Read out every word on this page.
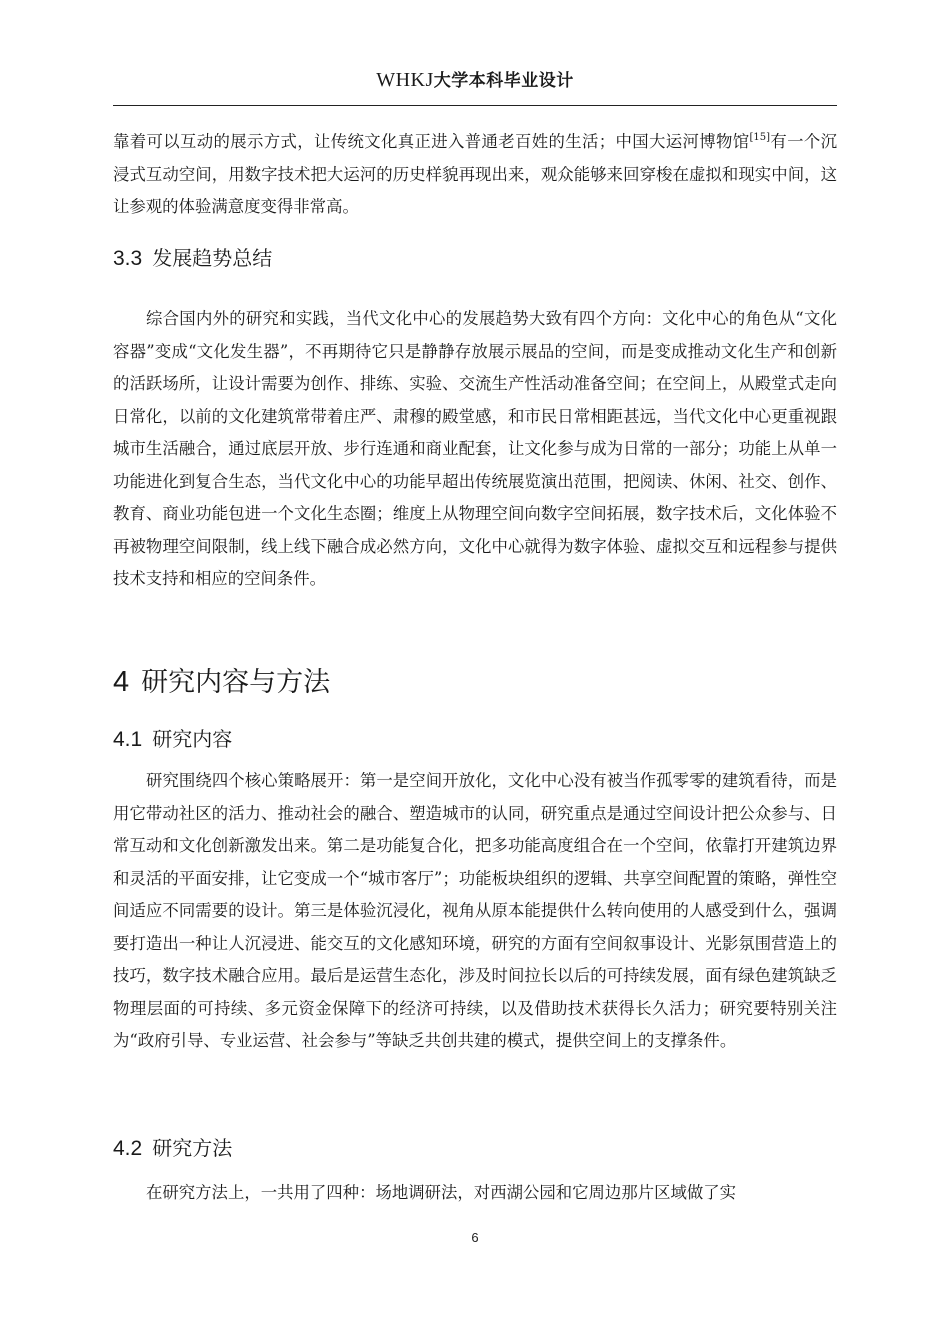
WHKJ大学本科毕业设计
靠着可以互动的展示方式，让传统文化真正进入普通老百姓的生活；中国大运河博物馆[15]有一个沉浸式互动空间，用数字技术把大运河的历史样貌再现出来，观众能够来回穿梭在虚拟和现实中间，这让参观的体验满意度变得非常高。
3.3 发展趋势总结
综合国内外的研究和实践，当代文化中心的发展趋势大致有四个方向：文化中心的角色从“文化容器”变成“文化发生器”，不再期待它只是静静存放展示展品的空间，而是变成推动文化生产和创新的活跃场所，让设计需要为创作、排练、实验、交流生产性活动准备空间；在空间上，从殿堂式走向日常化，以前的文化建筑常带着庄严、肃穆的殿堂感，和市民日常相距甚远，当代文化中心更重视跟城市生活融合，通过底层开放、步行连通和商业配套，让文化参与成为日常的一部分；功能上从单一功能进化到复合生态，当代文化中心的功能早超出传统展览演出范围，把阅读、休闲、社交、创作、教育、商业功能包进一个文化生态圈；维度上从物理空间向数字空间拓展，数字技术后，文化体验不再被物理空间限制，线上线下融合成必然方向，文化中心就得为数字体验、虚拟交互和远程参与提供技术支持和相应的空间条件。
4 研究内容与方法
4.1 研究内容
研究围绕四个核心策略展开：第一是空间开放化，文化中心没有被当作孤零零的建筑看待，而是用它带动社区的活力、推动社会的融合、塑造城市的认同，研究重点是通过空间设计把公众参与、日常互动和文化创新激发出来。第二是功能复合化，把多功能高度组合在一个空间，依靠打开建筑边界和灵活的平面安排，让它变成一个“城市客厅”；功能板块组织的逻辑、共享空间配置的策略，弹性空间适应不同需要的设计。第三是体验沉浸化，视角从原本能提供什么转向使用的人感受到什么，强调要打造出一种让人沉浸进、能交互的文化感知环境，研究的方面有空间叙事设计、光影氛围营造上的技巧，数字技术融合应用。最后是运营生态化，涉及时间拉长以后的可持续发展，面有绿色建筑缺乏物理层面的可持续、多元资金保障下的经济可持续，以及借助技术获得长久活力；研究要特别关注为“政府引导、专业运营、社会参与”等缺乏共创共建的模式，提供空间上的支撑条件。
4.2 研究方法
在研究方法上，一共用了四种：场地调研法，对西湖公园和它周边那片区域做了实
6
